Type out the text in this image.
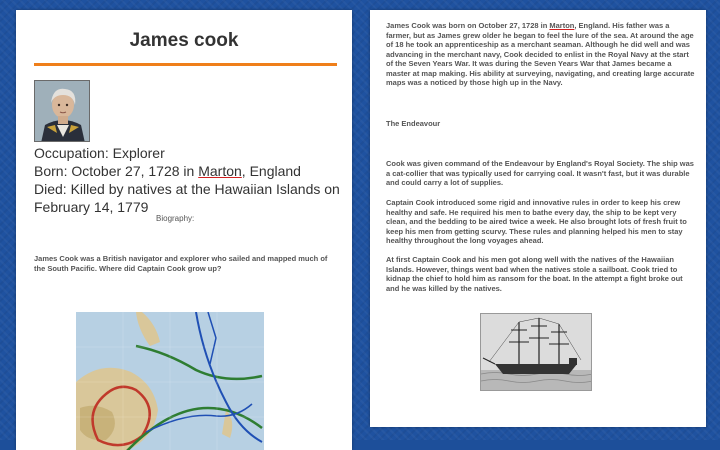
James cook
Occupation: Explorer
Born: October 27, 1728 in Marton, England
Died: Killed by natives at the Hawaiian Islands on February 14, 1779
Biography:
James Cook was a British navigator and explorer who sailed and mapped much of the South Pacific. Where did Captain Cook grow up?

James Cook was born on October 27, 1728 in Marton, England. His father was a farmer, but as James grew older he began to feel the lure of the sea. At around the age of 18 he took an apprenticeship as a merchant seaman. Although he did well and was advancing in the merchant navy, Cook decided to enlist in the Royal Navy at the start of the Seven Years War. It was during the Seven Years War that James became a master at map making. His ability at surveying, navigating, and creating large accurate maps was a noticed by those high up in the Navy.

The Endeavour

Cook was given command of the Endeavour by England's Royal Society. The ship was a cat-collier that was typically used for carrying coal. It wasn't fast, but it was durable and could carry a lot of supplies.

Captain Cook introduced some rigid and innovative rules in order to keep his crew healthy and safe. He required his men to bathe every day, the ship to be kept very clean, and the bedding to be aired twice a week. He also brought lots of fresh fruit to keep his men from getting scurvy. These rules and planning helped his men to stay healthy throughout the long voyages ahead.

At first Captain Cook and his men got along well with the natives of the Hawaiian Islands. However, things went bad when the natives stole a sailboat. Cook tried to kidnap the chief to hold him as ransom for the boat. In the attempt a fight broke out and he was killed by the natives.
